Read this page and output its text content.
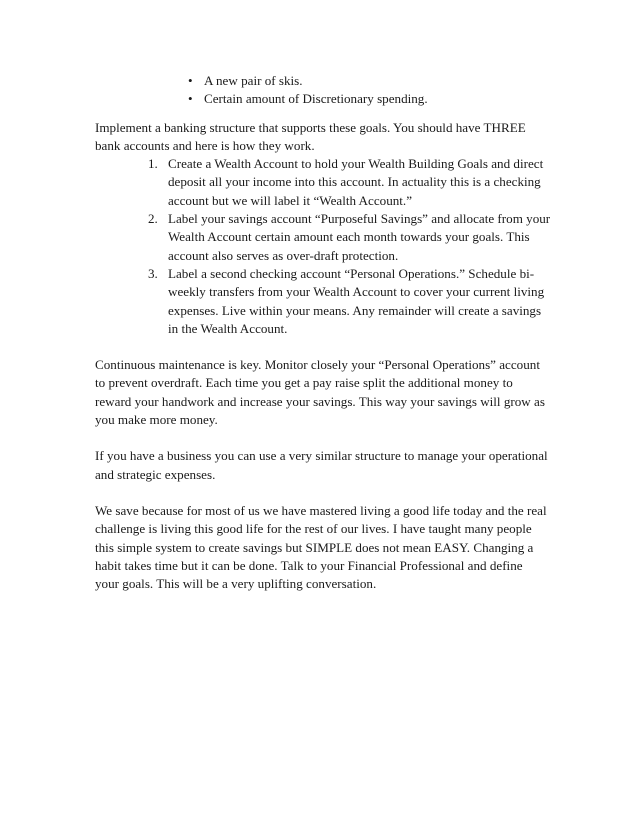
• A new pair of skis.
• Certain amount of Discretionary spending.

Implement a banking structure that supports these goals. You should have THREE
bank accounts and here is how they work.

1. Create a Wealth Account to hold your Wealth Building Goals and direct
deposit all your income into this account. In actuality this is a checking
account but we will label it “Wealth Account.”
2. Label your savings account “Purposeful Savings” and allocate from your
Wealth Account certain amount each month towards your goals. This
account also serves as over-draft protection.
3. Label a second checking account “Personal Operations.” Schedule bi-
weekly transfers from your Wealth Account to cover your current living
expenses. Live within your means. Any remainder will create a savings
in the Wealth Account.

Continuous maintenance is key. Monitor closely your “Personal Operations” account
to prevent overdraft. Each time you get a pay raise split the additional money to
reward your handwork and increase your savings. This way your savings will grow as
you make more money.

If you have a business you can use a very similar structure to manage your operational
and strategic expenses.

We save because for most of us we have mastered living a good life today and the real
challenge is living this good life for the rest of our lives. I have taught many people
this simple system to create savings but SIMPLE does not mean EASY. Changing a
habit takes time but it can be done. Talk to your Financial Professional and define
your goals. This will be a very uplifting conversation.
